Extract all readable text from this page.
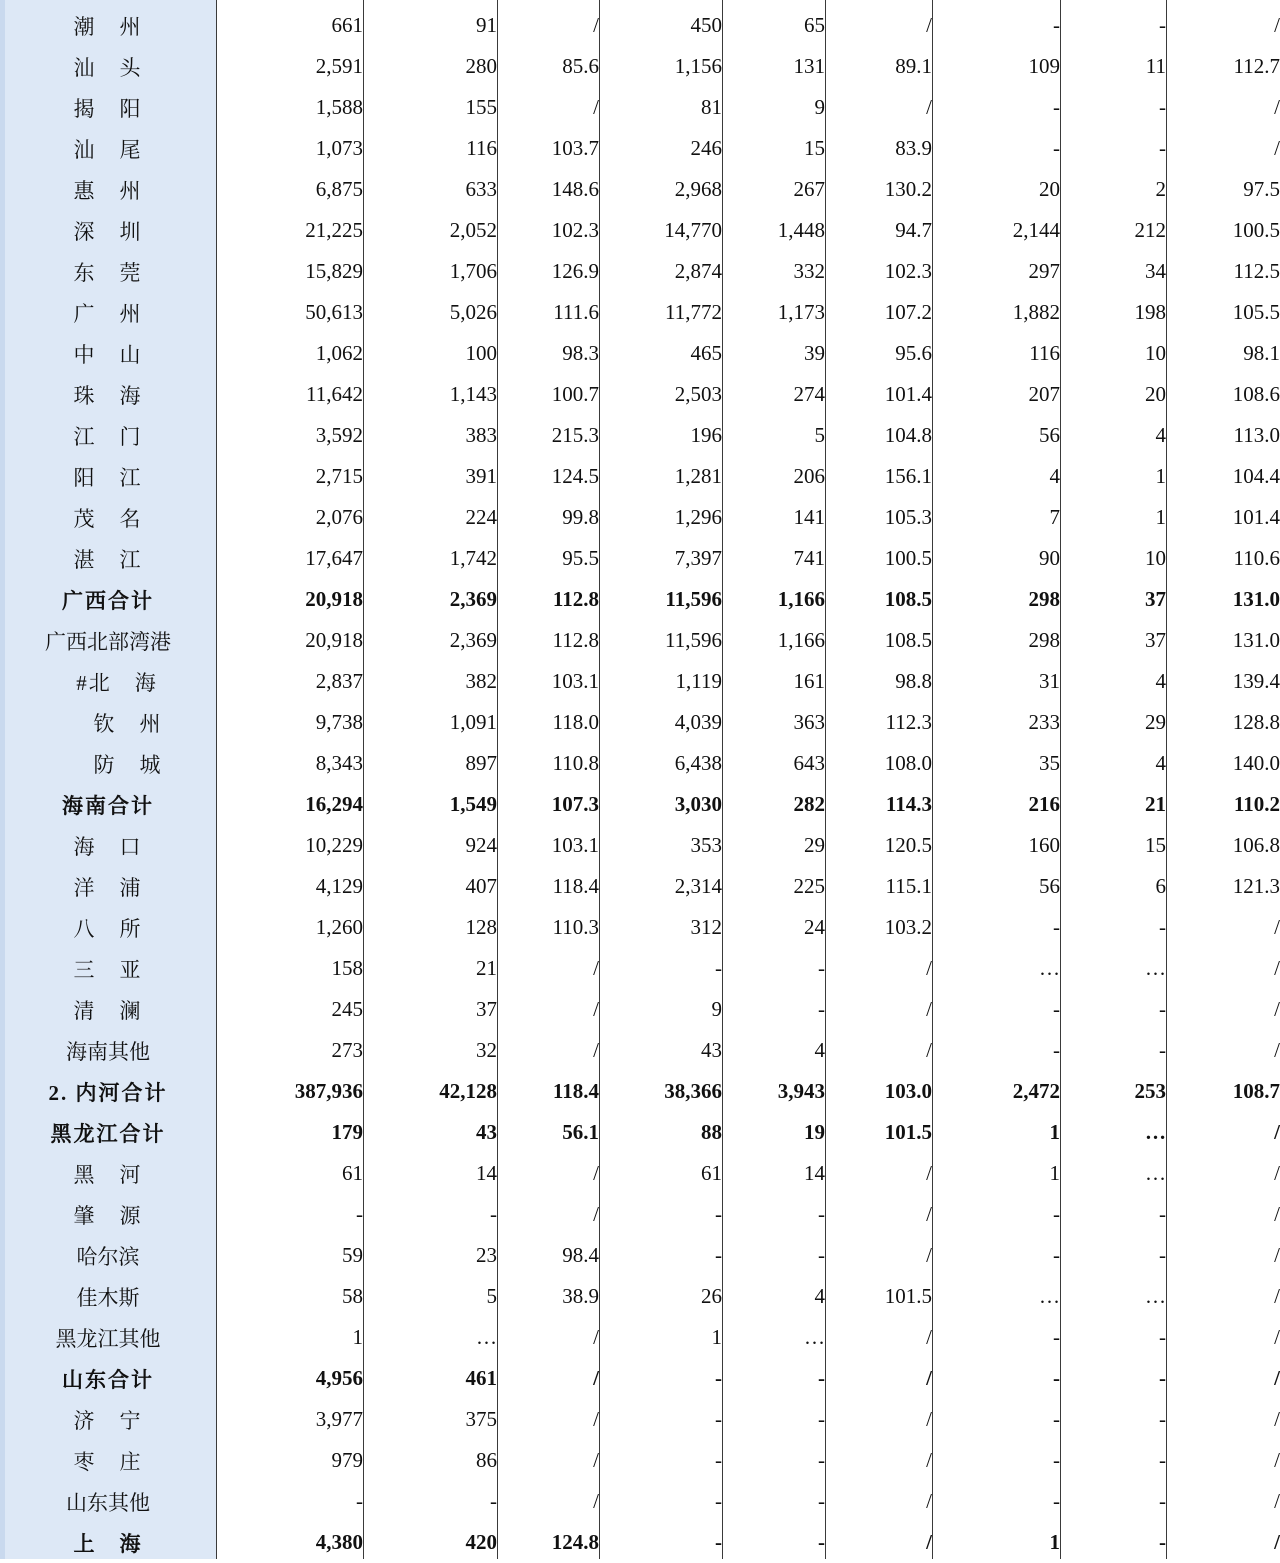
潮　州	661	91	/	450	65	/	-	-	/
汕　头	2,591	280	85.6	1,156	131	89.1	109	11	112.7
揭　阳	1,588	155	/	81	9	/	-	-	/
汕　尾	1,073	116	103.7	246	15	83.9	-	-	/
惠　州	6,875	633	148.6	2,968	267	130.2	20	2	97.5
深　圳	21,225	2,052	102.3	14,770	1,448	94.7	2,144	212	100.5
东　莞	15,829	1,706	126.9	2,874	332	102.3	297	34	112.5
广　州	50,613	5,026	111.6	11,772	1,173	107.2	1,882	198	105.5
中　山	1,062	100	98.3	465	39	95.6	116	10	98.1
珠　海	11,642	1,143	100.7	2,503	274	101.4	207	20	108.6
江　门	3,592	383	215.3	196	5	104.8	56	4	113.0
阳　江	2,715	391	124.5	1,281	206	156.1	4	1	104.4
茂　名	2,076	224	99.8	1,296	141	105.3	7	1	101.4
湛　江	17,647	1,742	95.5	7,397	741	100.5	90	10	110.6
广西合计	20,918	2,369	112.8	11,596	1,166	108.5	298	37	131.0
广西北部湾港	20,918	2,369	112.8	11,596	1,166	108.5	298	37	131.0
#北　海	2,837	382	103.1	1,119	161	98.8	31	4	139.4
钦　州	9,738	1,091	118.0	4,039	363	112.3	233	29	128.8
防　城	8,343	897	110.8	6,438	643	108.0	35	4	140.0
海南合计	16,294	1,549	107.3	3,030	282	114.3	216	21	110.2
海　口	10,229	924	103.1	353	29	120.5	160	15	106.8
洋　浦	4,129	407	118.4	2,314	225	115.1	56	6	121.3
八　所	1,260	128	110.3	312	24	103.2	-	-	/
三　亚	158	21	/	-	-	/	…	…	/
清　澜	245	37	/	9	-	/	-	-	/
海南其他	273	32	/	43	4	/	-	-	/
2. 内河合计	387,936	42,128	118.4	38,366	3,943	103.0	2,472	253	108.7
黑龙江合计	179	43	56.1	88	19	101.5	1	…	/
黑　河	61	14	/	61	14	/	1	…	/
肇　源	-	-	/	-	-	/	-	-	/
哈尔滨	59	23	98.4	-	-	/	-	-	/
佳木斯	58	5	38.9	26	4	101.5	…	…	/
黑龙江其他	1	…	/	1	…	/	-	-	/
山东合计	4,956	461	/	-	-	/	-	-	/
济　宁	3,977	375	/	-	-	/	-	-	/
枣　庄	979	86	/	-	-	/	-	-	/
山东其他	-	-	/	-	-	/	-	-	/
上　海	4,380	420	124.8	-	-	/	1	-	/
